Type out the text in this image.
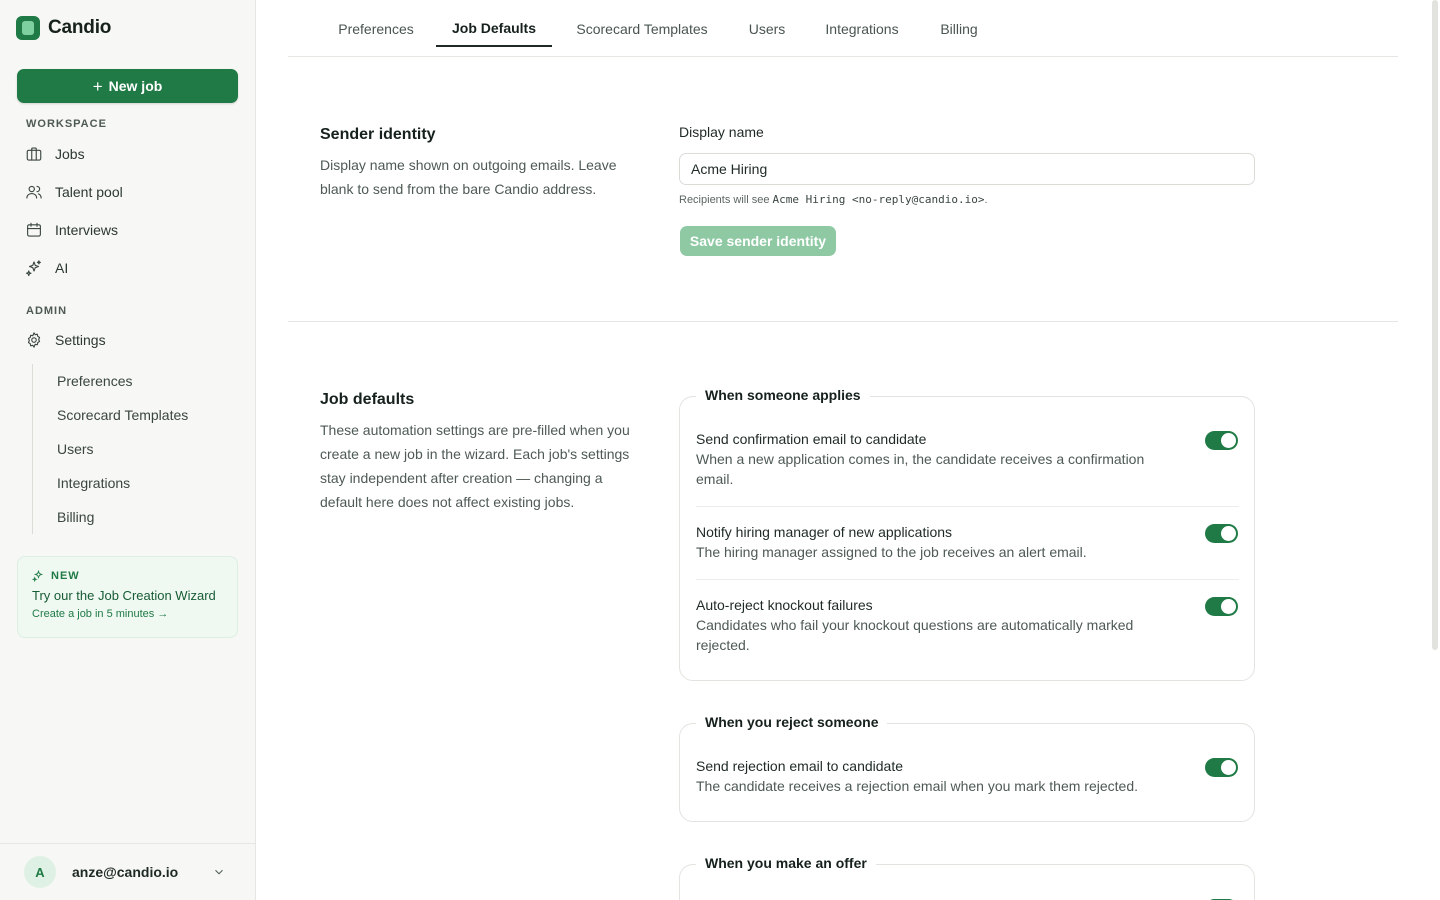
Candio
+ New job
WORKSPACE
Jobs
Talent pool
Interviews
AI
ADMIN
Settings
Preferences
Scorecard Templates
Users
Integrations
Billing
NEW
Try our the Job Creation Wizard
Create a job in 5 minutes →
A	anze@candio.io
Preferences	Job Defaults	Scorecard Templates	Users	Integrations	Billing
Sender identity

Display name shown on outgoing emails. Leave blank to send from the bare Candio address.

Display name
Acme Hiring
Recipients will see Acme Hiring <no-reply@candio.io>.
Save sender identity
Job defaults

These automation settings are pre-filled when you create a new job in the wizard. Each job's settings stay independent after creation — changing a default here does not affect existing jobs.

When someone applies
Send confirmation email to candidate
When a new application comes in, the candidate receives a confirmation email.
Notify hiring manager of new applications
The hiring manager assigned to the job receives an alert email.
Auto-reject knockout failures
Candidates who fail your knockout questions are automatically marked rejected.
When you reject someone
Send rejection email to candidate
The candidate receives a rejection email when you mark them rejected.
When you make an offer
